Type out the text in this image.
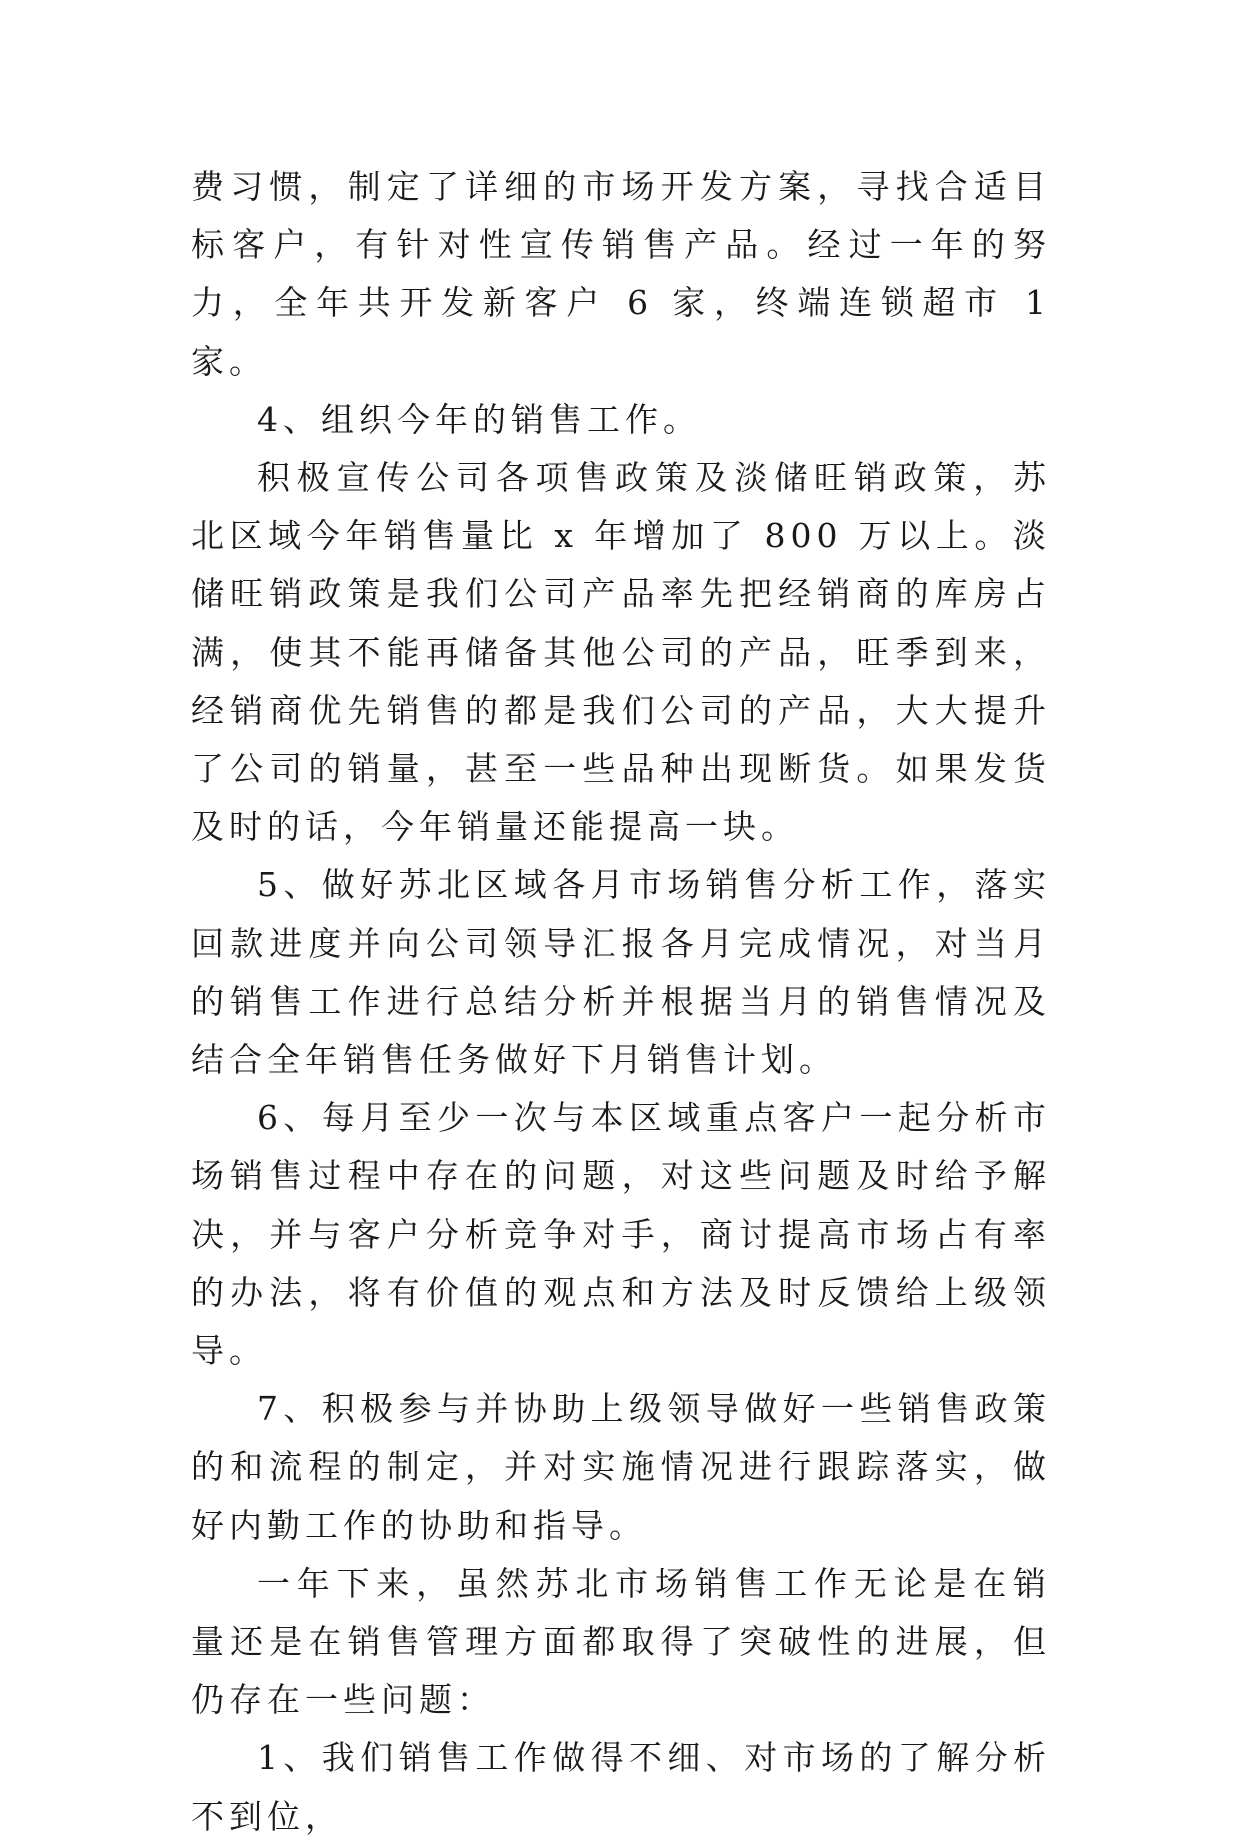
费习惯，制定了详细的市场开发方案，寻找合适目标客户，有针对性宣传销售产品。经过一年的努力，全年共开发新客户 6 家，终端连锁超市 1 家。

4、组织今年的销售工作。

积极宣传公司各项售政策及淡储旺销政策，苏北区域今年销售量比 x 年增加了 800 万以上。淡储旺销政策是我们公司产品率先把经销商的库房占满，使其不能再储备其他公司的产品，旺季到来，经销商优先销售的都是我们公司的产品，大大提升了公司的销量，甚至一些品种出现断货。如果发货及时的话，今年销量还能提高一块。

5、做好苏北区域各月市场销售分析工作，落实回款进度并向公司领导汇报各月完成情况，对当月的销售工作进行总结分析并根据当月的销售情况及结合全年销售任务做好下月销售计划。

6、每月至少一次与本区域重点客户一起分析市场销售过程中存在的问题，对这些问题及时给予解决，并与客户分析竞争对手，商讨提高市场占有率的办法，将有价值的观点和方法及时反馈给上级领导。

7、积极参与并协助上级领导做好一些销售政策的和流程的制定，并对实施情况进行跟踪落实，做好内勤工作的协助和指导。

一年下来，虽然苏北市场销售工作无论是在销量还是在销售管理方面都取得了突破性的进展，但仍存在一些问题：

1、我们销售工作做得不细、对市场的了解分析不到位，
